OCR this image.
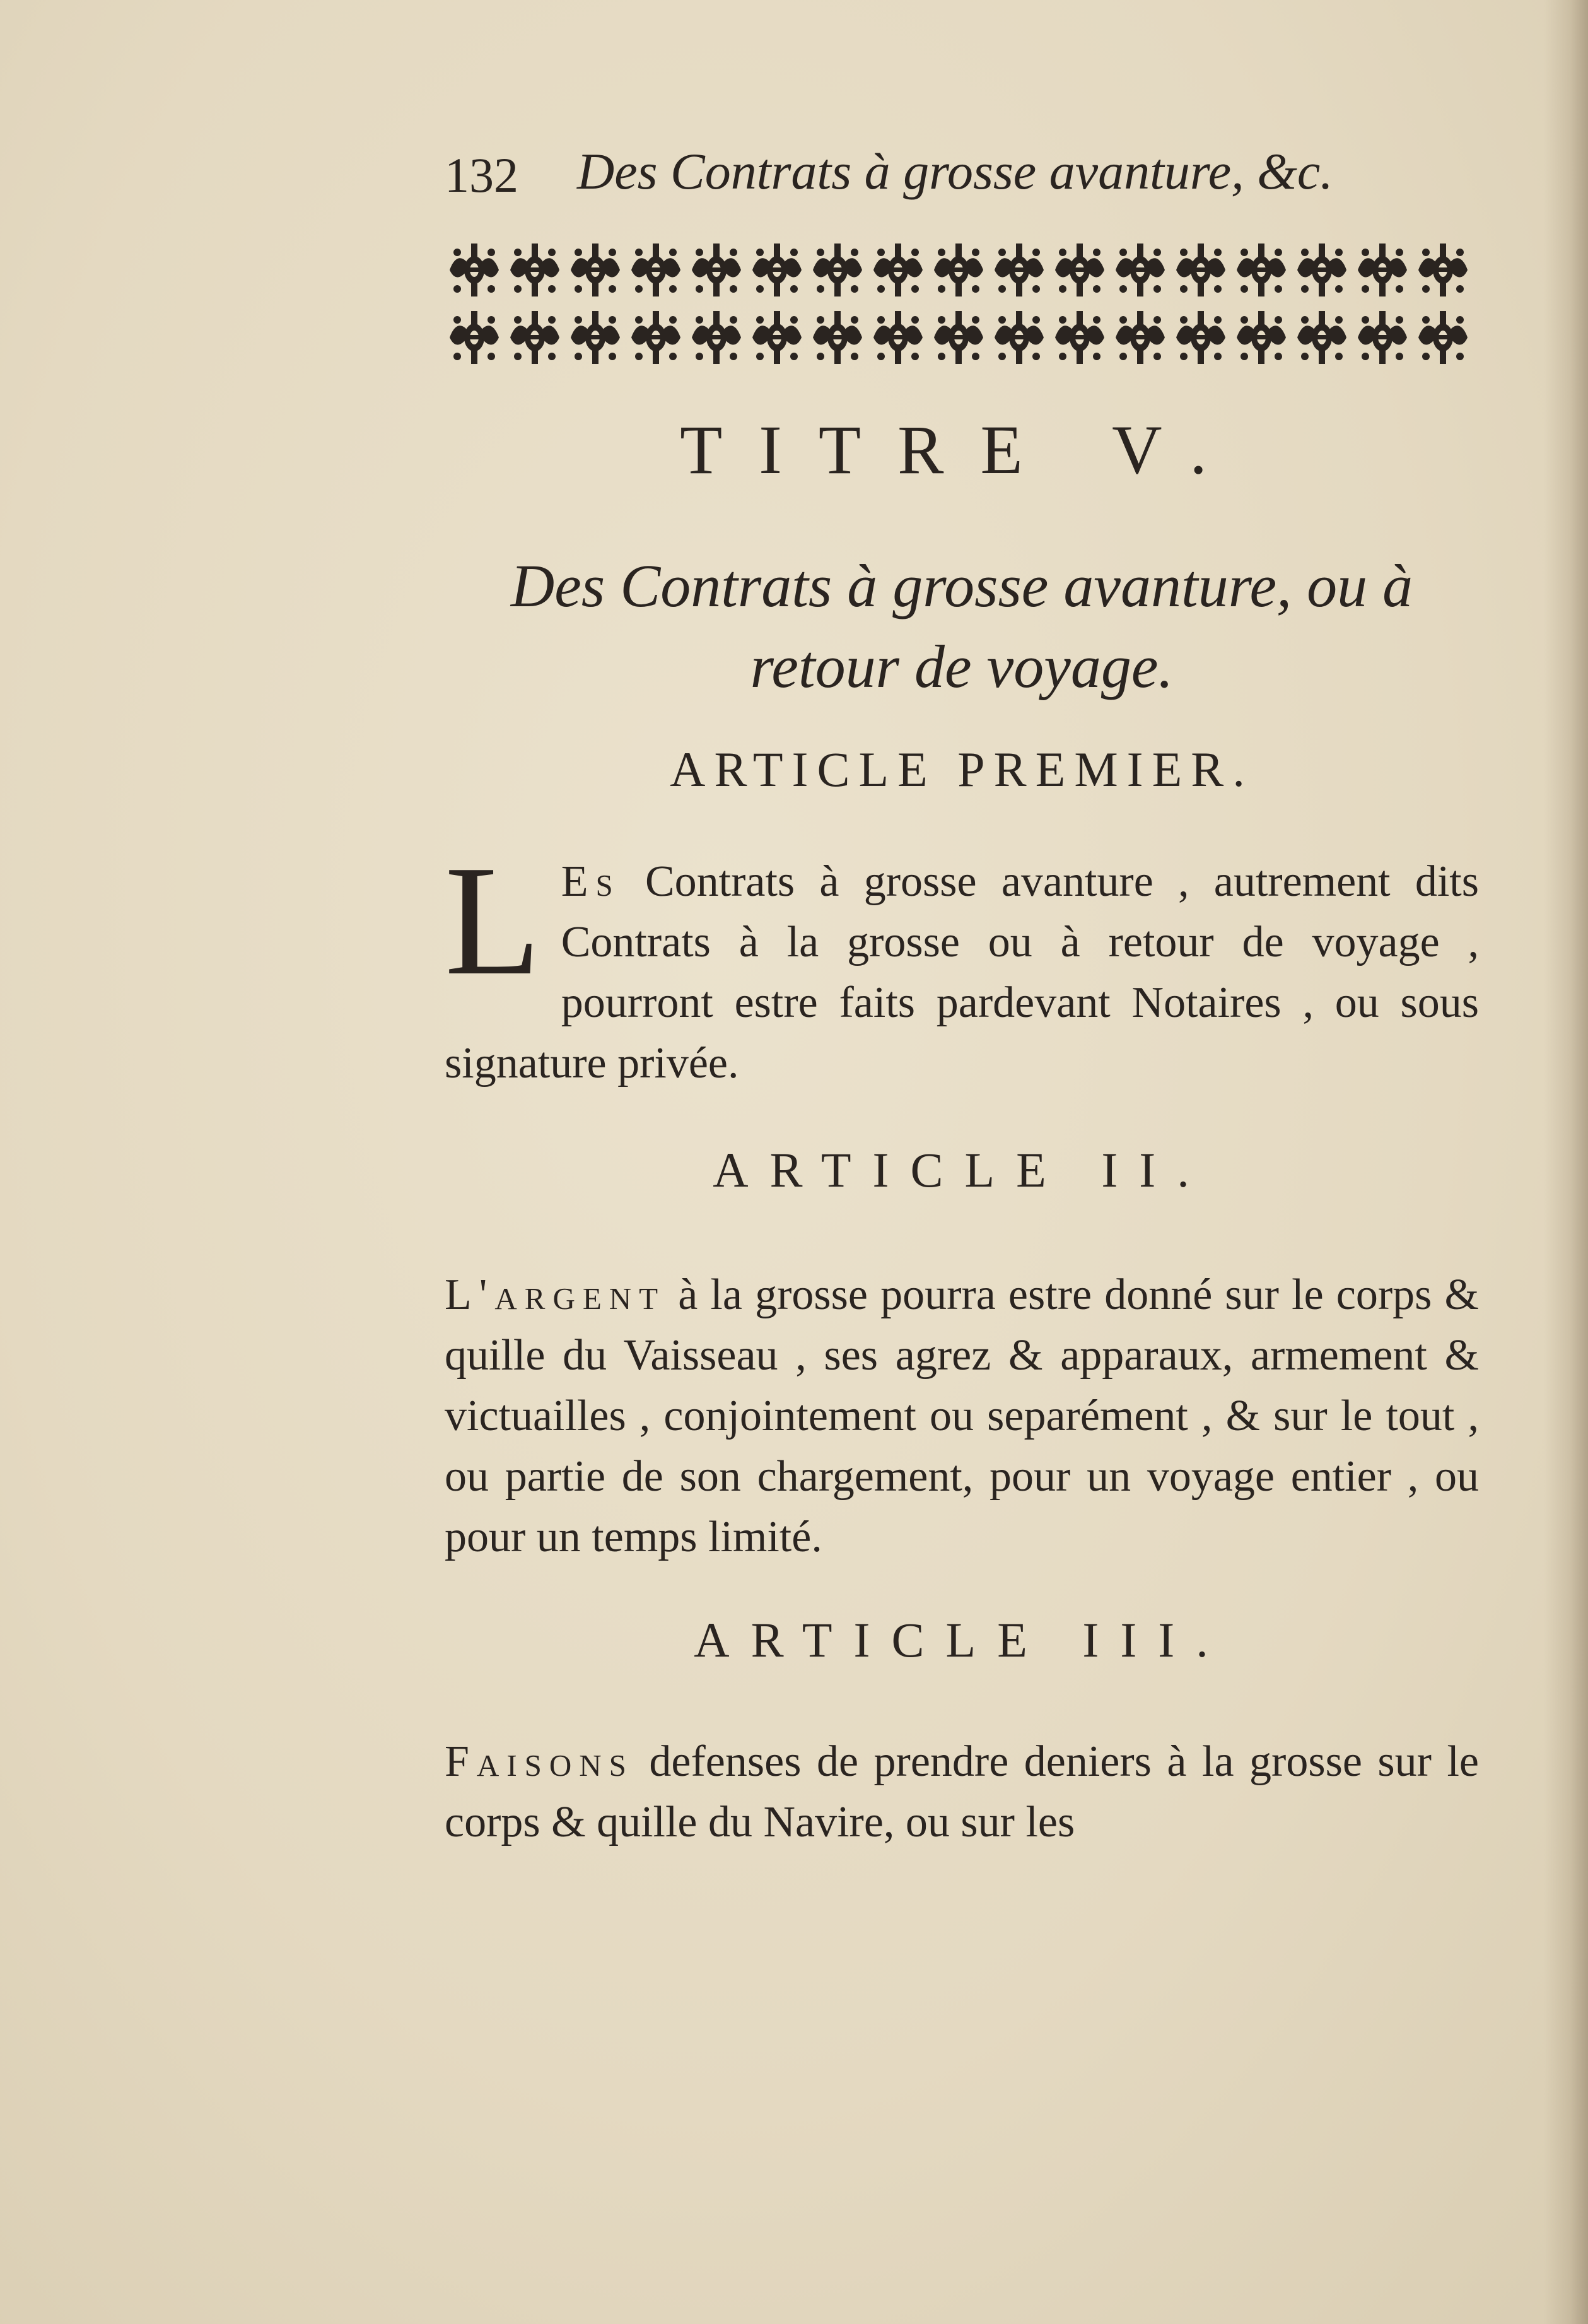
132 Des Contrats à grosse avanture, &c.
TITRE V.
Des Contrats à grosse avanture, ou à
retour de voyage.
ARTICLE PREMIER.
L Es Contrats à grosse avanture , autrement dits Contrats à la grosse ou à retour de voyage , pourront estre faits pardevant Notaires , ou sous signature privée.
ARTICLE II.
L'argent à la grosse pourra estre donné sur le corps & quille du Vaisseau , ses agrez & apparaux, armement & victuailles , conjointement ou separément , & sur le tout , ou partie de son chargement, pour un voyage entier , ou pour un temps limité.
ARTICLE III.
Faisons defenses de prendre deniers à la grosse sur le corps & quille du Navire, ou sur les
